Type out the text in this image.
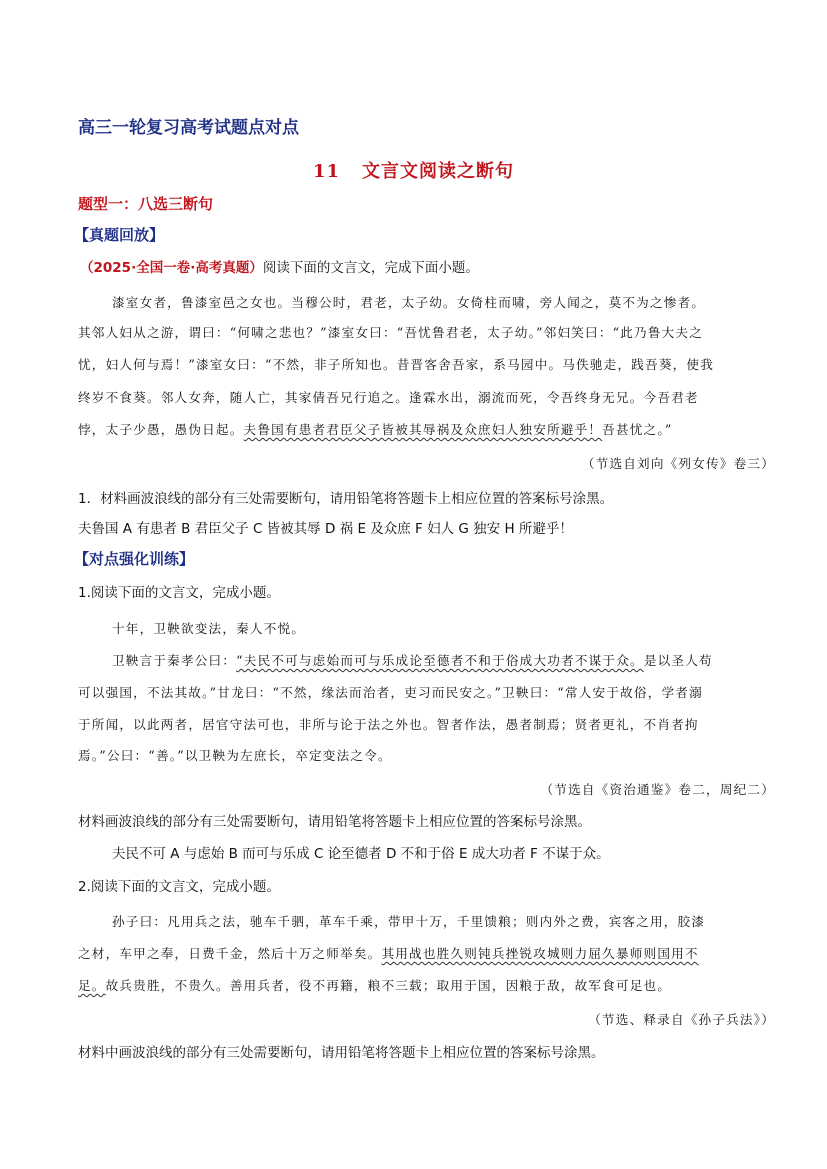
高三一轮复习高考试题点对点
11 文言文阅读之断句
题型一：八选三断句
【真题回放】
（2025·全国一卷·高考真题）阅读下面的文言文，完成下面小题。
漆室女者，鲁漆室邑之女也。当穆公时，君老，太子幼。女倚柱而啸，旁人闻之，莫不为之惨者。
其邻人妇从之游，谓曰：“何啸之悲也？”漆室女曰：“吾忧鲁君老，太子幼。”邻妇笑曰：“此乃鲁大夫之
忧，妇人何与焉！”漆室女曰：“不然，非子所知也。昔晋客舍吾家，系马园中。马佚驰走，践吾葵，使我
终岁不食葵。邻人女奔，随人亡，其家倩吾兄行追之。逢霖水出，溺流而死，令吾终身无兄。今吾君老
悖，太子少愚，愚伪日起。夫鲁国有患者君臣父子皆被其辱祸及众庶妇人独安所避乎！吾甚忧之。”
（节选自刘向《列女传》卷三）
1．材料画波浪线的部分有三处需要断句，请用铅笔将答题卡上相应位置的答案标号涂黑。
夫鲁国 A 有患者 B 君臣父子 C 皆被其辱 D 祸 E 及众庶 F 妇人 G 独安 H 所避乎！
【对点强化训练】
1.阅读下面的文言文，完成小题。
十年，卫鞅欲变法，秦人不悦。
卫鞅言于秦孝公曰：“夫民不可与虑始而可与乐成论至德者不和于俗成大功者不谋于众。是以圣人苟
可以强国，不法其故。”甘龙曰：“不然，缘法而治者，吏习而民安之。”卫鞅曰：“常人安于故俗，学者溺
于所闻，以此两者，居官守法可也，非所与论于法之外也。智者作法，愚者制焉；贤者更礼，不肖者拘
焉。”公曰：“善。”以卫鞅为左庶长，卒定变法之令。
（节选自《资治通鉴》卷二，周纪二）
材料画波浪线的部分有三处需要断句，请用铅笔将答题卡上相应位置的答案标号涂黑。
夫民不可 A 与虑始 B 而可与乐成 C 论至德者 D 不和于俗 E 成大功者 F 不谋于众。
2.阅读下面的文言文，完成小题。
孙子曰：凡用兵之法，驰车千驷，革车千乘，带甲十万，千里馈粮；则内外之费，宾客之用，胶漆
之材，车甲之奉，日费千金，然后十万之师举矣。其用战也胜久则钝兵挫锐攻城则力屈久暴师则国用不
足。故兵贵胜，不贵久。善用兵者，役不再籍，粮不三载；取用于国，因粮于敌，故军食可足也。
（节选、释录自《孙子兵法》）
材料中画波浪线的部分有三处需要断句，请用铅笔将答题卡上相应位置的答案标号涂黑。
